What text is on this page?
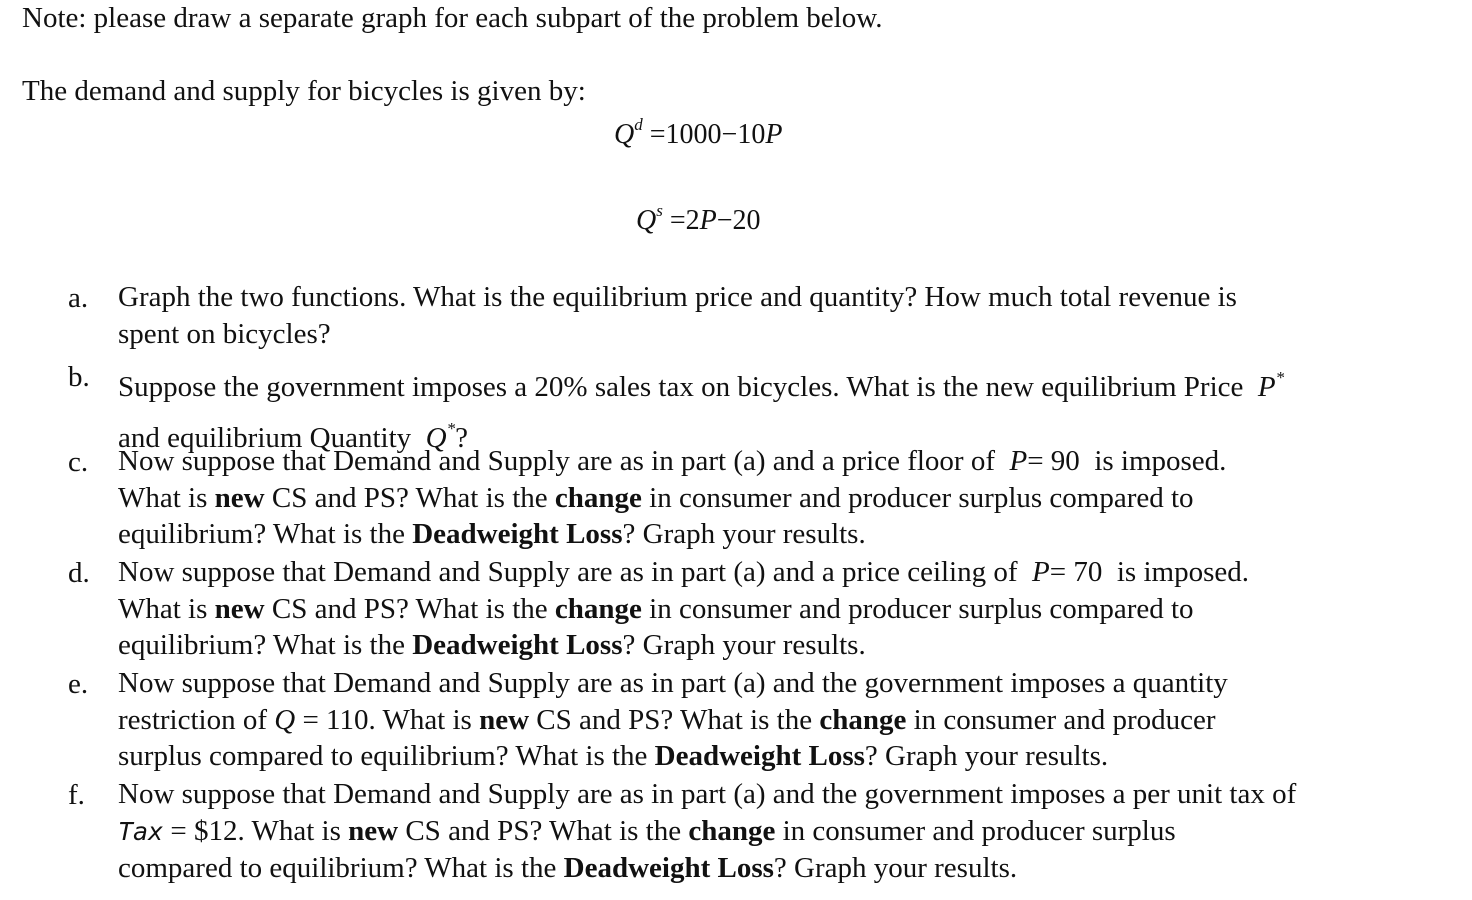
Note: please draw a separate graph for each subpart of the problem below.
The demand and supply for bicycles is given by:
$Q^d =1000-10P$
$Q^s =2P-20$
a. Graph the two functions. What is the equilibrium price and quantity? How much total revenue is
spent on bicycles?
b. Suppose the government imposes a 20% sales tax on bicycles. What is the new equilibrium Price P*
and equilibrium Quantity Q*?
c. Now suppose that Demand and Supply are as in part (a) and a price floor of P= 90 is imposed.
What is new CS and PS? What is the change in consumer and producer surplus compared to
equilibrium? What is the Deadweight Loss? Graph your results.
d. Now suppose that Demand and Supply are as in part (a) and a price ceiling of P= 70 is imposed.
What is new CS and PS? What is the change in consumer and producer surplus compared to
equilibrium? What is the Deadweight Loss? Graph your results.
e. Now suppose that Demand and Supply are as in part (a) and the government imposes a quantity
restriction of Q = 110. What is new CS and PS? What is the change in consumer and producer
surplus compared to equilibrium? What is the Deadweight Loss? Graph your results.
f. Now suppose that Demand and Supply are as in part (a) and the government imposes a per unit tax of
Tax = $12. What is new CS and PS? What is the change in consumer and producer surplus
compared to equilibrium? What is the Deadweight Loss? Graph your results.
